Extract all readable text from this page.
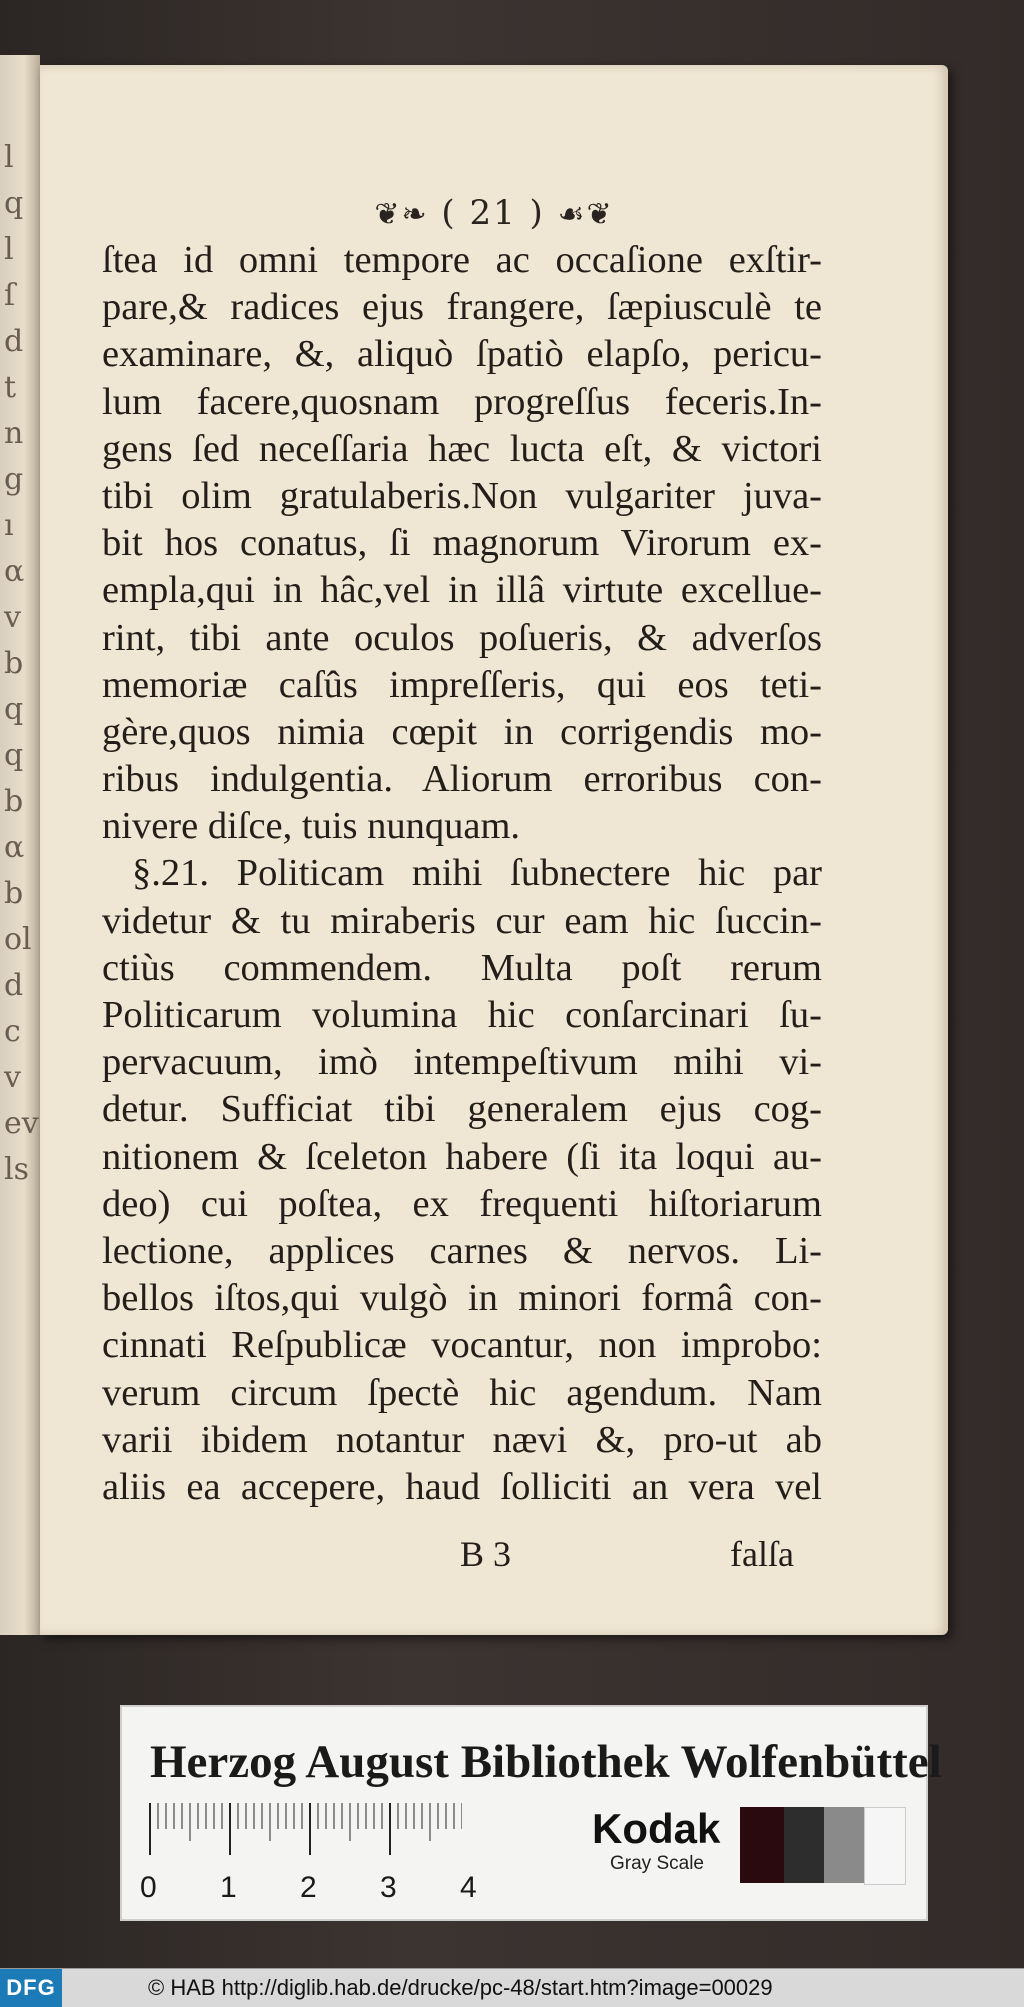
l
q
l
ſ
d
t
n
g
ı
α
v
b
q
q
b
α
b
ol
d
c
v
ev
ls
❦❧ ( 21 ) ☙❦
ſtea id omni tempore ac occaſione exſtir-
pare,& radices ejus frangere, ſæpiusculè te
examinare, &, aliquò ſpatiò elapſo, pericu-
lum facere,quosnam progreſſus feceris.In-
gens ſed neceſſaria hæc lucta eſt, & victori
tibi olim gratulaberis.Non vulgariter juva-
bit hos conatus, ſi magnorum Virorum ex-
empla,qui in hâc,vel in illâ virtute excelluе-
rint, tibi ante oculos poſueris, & adverſos
memoriæ caſûs impreſſeris, qui eos teti-
gère,quos nimia cœpit in corrigendis mo-
ribus indulgentia. Aliorum erroribus con-
nivere diſce, tuis nunquam.
§.21. Politicam mihi ſubnectere hic par
videtur & tu miraberis cur eam hic ſuccin-
ctiùs commendem. Multa poſt rerum
Politicarum volumina hic conſarcinari ſu-
pervacuum, imò intempeſtivum mihi vi-
detur. Sufficiat tibi generalem ejus cog-
nitionem & ſceleton habere (ſi ita loqui au-
deo) cui poſtea, ex frequenti hiſtoriarum
lectione, applices carnes & nervos. Li-
bellos iſtos,qui vulgò in minori formâ con-
cinnati Reſpublicæ vocantur, non improbo:
verum circum ſpectè hic agendum. Nam
varii ibidem notantur nævi &, pro-ut ab
aliis ea accepere, haud ſolliciti an vera vel
B 3	falſa
Herzog August Bibliothek Wolfenbüttel
0 1 2 3 4
Kodak
Gray Scale
DFG	© HAB http://diglib.hab.de/drucke/pc-48/start.htm?image=00029
